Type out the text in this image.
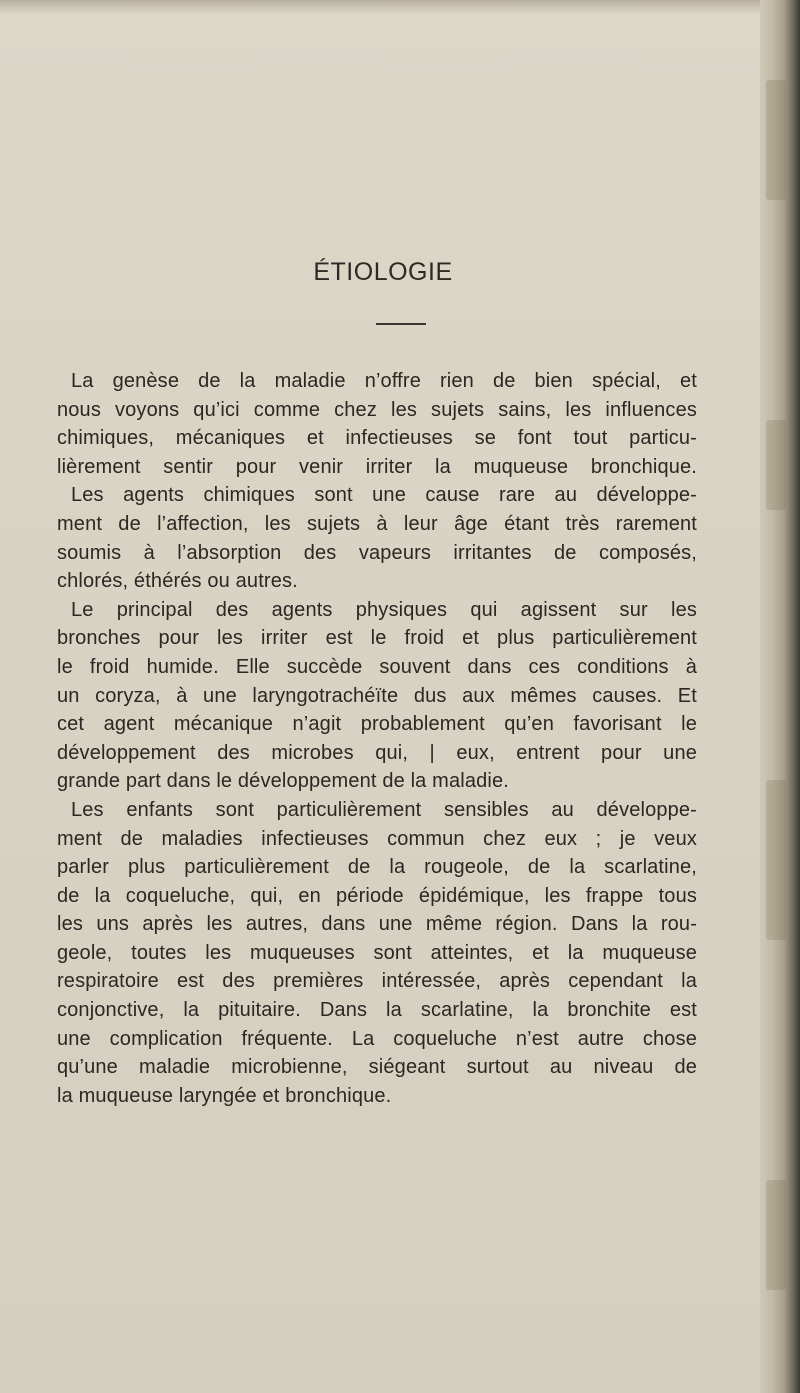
ÉTIOLOGIE
La genèse de la maladie n’offre rien de bien spécial, et
nous voyons qu’ici comme chez les sujets sains, les influences
chimiques, mécaniques et infectieuses se font tout particu-
lièrement sentir pour venir irriter la muqueuse bronchique.
Les agents chimiques sont une cause rare au développe-
ment de l’affection, les sujets à leur âge étant très rarement
soumis à l’absorption des vapeurs irritantes de composés,
chlorés, éthérés ou autres.
Le principal des agents physiques qui agissent sur les
bronches pour les irriter est le froid et plus particulièrement
le froid humide. Elle succède souvent dans ces conditions à
un coryza, à une laryngotrachéïte dus aux mêmes causes. Et
cet agent mécanique n’agit probablement qu’en favorisant le
développement des microbes qui, | eux, entrent pour une
grande part dans le développement de la maladie.
Les enfants sont particulièrement sensibles au développe-
ment de maladies infectieuses commun chez eux ; je veux
parler plus particulièrement de la rougeole, de la scarlatine,
de la coqueluche, qui, en période épidémique, les frappe tous
les uns après les autres, dans une même région. Dans la rou-
geole, toutes les muqueuses sont atteintes, et la muqueuse
respiratoire est des premières intéressée, après cependant la
conjonctive, la pituitaire. Dans la scarlatine, la bronchite est
une complication fréquente. La coqueluche n’est autre chose
qu’une maladie microbienne, siégeant surtout au niveau de
la muqueuse laryngée et bronchique.
